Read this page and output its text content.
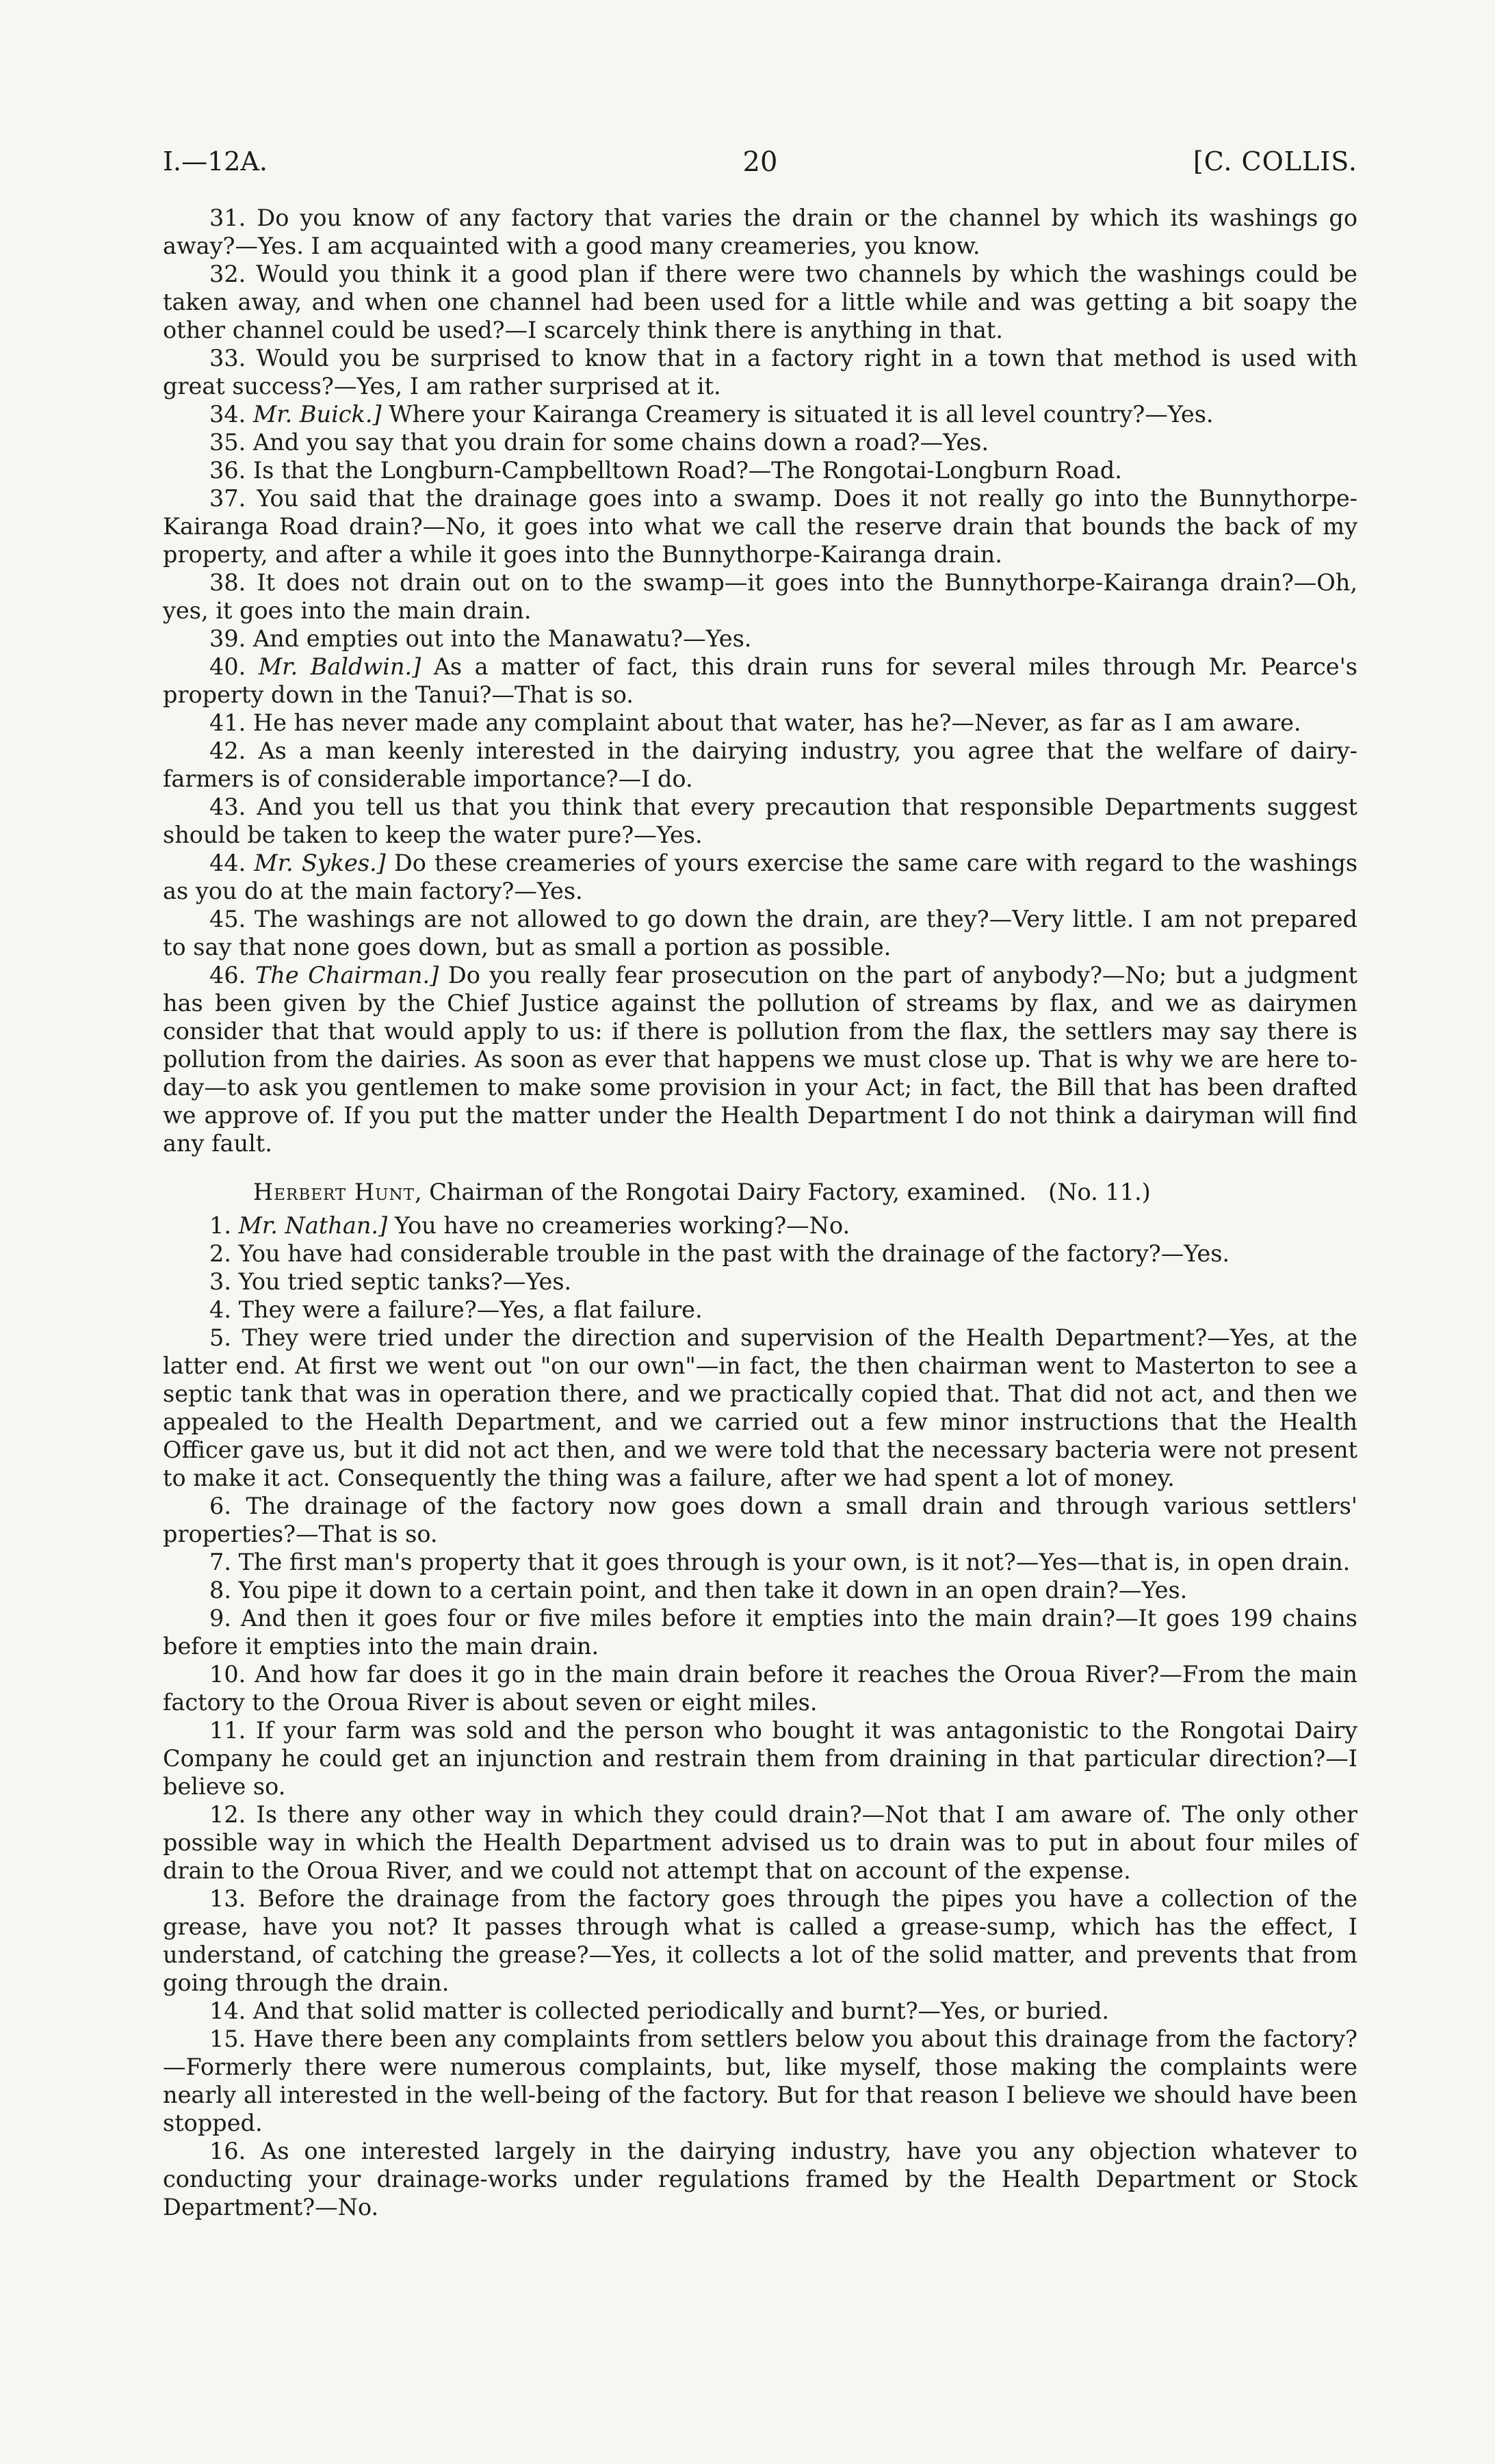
I.—12A.	20	[C. COLLIS.

31. Do you know of any factory that varies the drain or the channel by which its washings go away?—Yes. I am acquainted with a good many creameries, you know.

32. Would you think it a good plan if there were two channels by which the washings could be taken away, and when one channel had been used for a little while and was getting a bit soapy the other channel could be used?—I scarcely think there is anything in that.

33. Would you be surprised to know that in a factory right in a town that method is used with great success?—Yes, I am rather surprised at it.

34. Mr. Buick.] Where your Kairanga Creamery is situated it is all level country?—Yes.

35. And you say that you drain for some chains down a road?—Yes.

36. Is that the Longburn-Campbelltown Road?—The Rongotai-Longburn Road.

37. You said that the drainage goes into a swamp. Does it not really go into the Bunnythorpe-Kairanga Road drain?—No, it goes into what we call the reserve drain that bounds the back of my property, and after a while it goes into the Bunnythorpe-Kairanga drain.

38. It does not drain out on to the swamp—it goes into the Bunnythorpe-Kairanga drain?—Oh, yes, it goes into the main drain.

39. And empties out into the Manawatu?—Yes.

40. Mr. Baldwin.] As a matter of fact, this drain runs for several miles through Mr. Pearce's property down in the Tanui?—That is so.

41. He has never made any complaint about that water, has he?—Never, as far as I am aware.

42. As a man keenly interested in the dairying industry, you agree that the welfare of dairy-farmers is of considerable importance?—I do.

43. And you tell us that you think that every precaution that responsible Departments suggest should be taken to keep the water pure?—Yes.

44. Mr. Sykes.] Do these creameries of yours exercise the same care with regard to the washings as you do at the main factory?—Yes.

45. The washings are not allowed to go down the drain, are they?—Very little. I am not prepared to say that none goes down, but as small a portion as possible.

46. The Chairman.] Do you really fear prosecution on the part of anybody?—No; but a judgment has been given by the Chief Justice against the pollution of streams by flax, and we as dairymen consider that that would apply to us: if there is pollution from the flax, the settlers may say there is pollution from the dairies. As soon as ever that happens we must close up. That is why we are here to-day—to ask you gentlemen to make some provision in your Act; in fact, the Bill that has been drafted we approve of. If you put the matter under the Health Department I do not think a dairyman will find any fault.

Herbert Hunt, Chairman of the Rongotai Dairy Factory, examined. (No. 11.)

1. Mr. Nathan.] You have no creameries working?—No.

2. You have had considerable trouble in the past with the drainage of the factory?—Yes.

3. You tried septic tanks?—Yes.

4. They were a failure?—Yes, a flat failure.

5. They were tried under the direction and supervision of the Health Department?—Yes, at the latter end. At first we went out "on our own"—in fact, the then chairman went to Masterton to see a septic tank that was in operation there, and we practically copied that. That did not act, and then we appealed to the Health Department, and we carried out a few minor instructions that the Health Officer gave us, but it did not act then, and we were told that the necessary bacteria were not present to make it act. Consequently the thing was a failure, after we had spent a lot of money.

6. The drainage of the factory now goes down a small drain and through various settlers' properties?—That is so.

7. The first man's property that it goes through is your own, is it not?—Yes—that is, in open drain.

8. You pipe it down to a certain point, and then take it down in an open drain?—Yes.

9. And then it goes four or five miles before it empties into the main drain?—It goes 199 chains before it empties into the main drain.

10. And how far does it go in the main drain before it reaches the Oroua River?—From the main factory to the Oroua River is about seven or eight miles.

11. If your farm was sold and the person who bought it was antagonistic to the Rongotai Dairy Company he could get an injunction and restrain them from draining in that particular direction?—I believe so.

12. Is there any other way in which they could drain?—Not that I am aware of. The only other possible way in which the Health Department advised us to drain was to put in about four miles of drain to the Oroua River, and we could not attempt that on account of the expense.

13. Before the drainage from the factory goes through the pipes you have a collection of the grease, have you not? It passes through what is called a grease-sump, which has the effect, I understand, of catching the grease?—Yes, it collects a lot of the solid matter, and prevents that from going through the drain.

14. And that solid matter is collected periodically and burnt?—Yes, or buried.

15. Have there been any complaints from settlers below you about this drainage from the factory?—Formerly there were numerous complaints, but, like myself, those making the complaints were nearly all interested in the well-being of the factory. But for that reason I believe we should have been stopped.

16. As one interested largely in the dairying industry, have you any objection whatever to conducting your drainage-works under regulations framed by the Health Department or Stock Department?—No.
